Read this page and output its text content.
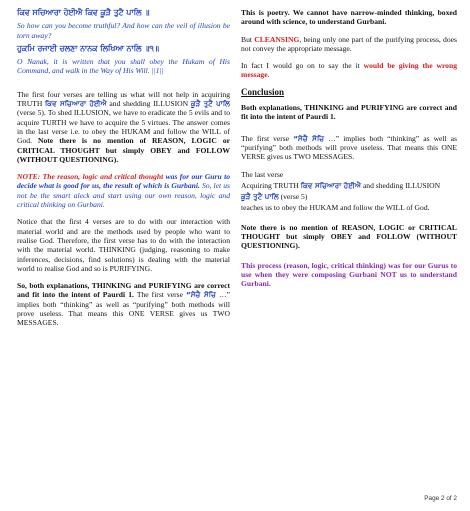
ਕਿਵ ਸਚਿਆਰਾ ਹੋਈਐ ਕਿਵ ਕੂੜੈ ਤੁਟੈ ਪਾਲਿ ॥

So how can you become truthful? And how can the veil of illusion be torn away?

ਹੁਕਮਿ ਰਜਾਈ ਚਲਣਾ ਨਾਨਕ ਲਿਖਿਆ ਨਾਲਿ ॥੧॥

O Nanak, it is written that you shall obey the Hukam of His Command, and walk in the Way of His Will. ||1||

The first four verses are telling us what will not help in acquiring TRUTH ਕਿਵ ਸਚਿਆਰਾ ਹੋਈਐ and shedding ILLUSION ਕੂੜੈ ਤੁਟੈ ਪਾਲਿ (verse 5). To shed ILLUSION, we have to eradicate the 5 evils and to acquire TURTH we have to acquire the 5 virtues. The answer comes in the last verse i.e. to obey the HUKAM and follow the WILL of God. Note there is no mention of REASON, LOGIC or CRITICAL THOUGHT but simply OBEY and FOLLOW (WITHOUT QUESTIONING).

NOTE: The reason, logic and critical thought was for our Guru to decide what is good for us, the result of which is Gurbani. So, let us not be the smart aleck and start using our own reason, logic and critical thinking on Gurbani.

Notice that the first 4 verses are to do with our interaction with material world and are the methods used by people who want to realise God. Therefore, the first verse has to do with the interaction with the material world. THINKING (judging, reasoning to make inferences, decisions, find solutions) is dealing with the material world to realise God and so is PURIFYING.

So, both explanations, THINKING and PURIFYING are correct and fit into the intent of Paurdi 1. The first verse “ਸੋਚੈ ਸੋਚਿ …” implies both “thinking” as well as “purifying” both methods will prove useless. That means this ONE VERSE gives us TWO MESSAGES.

This is poetry. We cannot have narrow-minded thinking, boxed around with science, to understand Gurbani.

But CLEANSING, being only one part of the purifying process, does not convey the appropriate message.

In fact I would go on to say the it would be giving the wrong message.

Conclusion

Both explanations, THINKING and PURIFYING are correct and fit into the intent of Paurdi 1.

The first verse “ਸੋਚੈ ਸੋਚਿ …” implies both “thinking” as well as “purifying” both methods will prove useless. That means this ONE VERSE gives us TWO MESSAGES.

The last verse

Acquiring TRUTH ਕਿਵ ਸਚਿਆਰਾ ਹੋਈਐ and shedding ILLUSION

ਕੂੜੈ ਤੁਟੈ ਪਾਲਿ (verse 5)

teaches us to obey the HUKAM and follow the WILL of God.

Note there is no mention of REASON, LOGIC or CRITICAL THOUGHT but simply OBEY and FOLLOW (WITHOUT QUESTIONING).

This process (reason, logic, critical thinking) was for our Gurus to use when they were composing Gurbani NOT us to understand Gurbani.

Page 2 of 2
